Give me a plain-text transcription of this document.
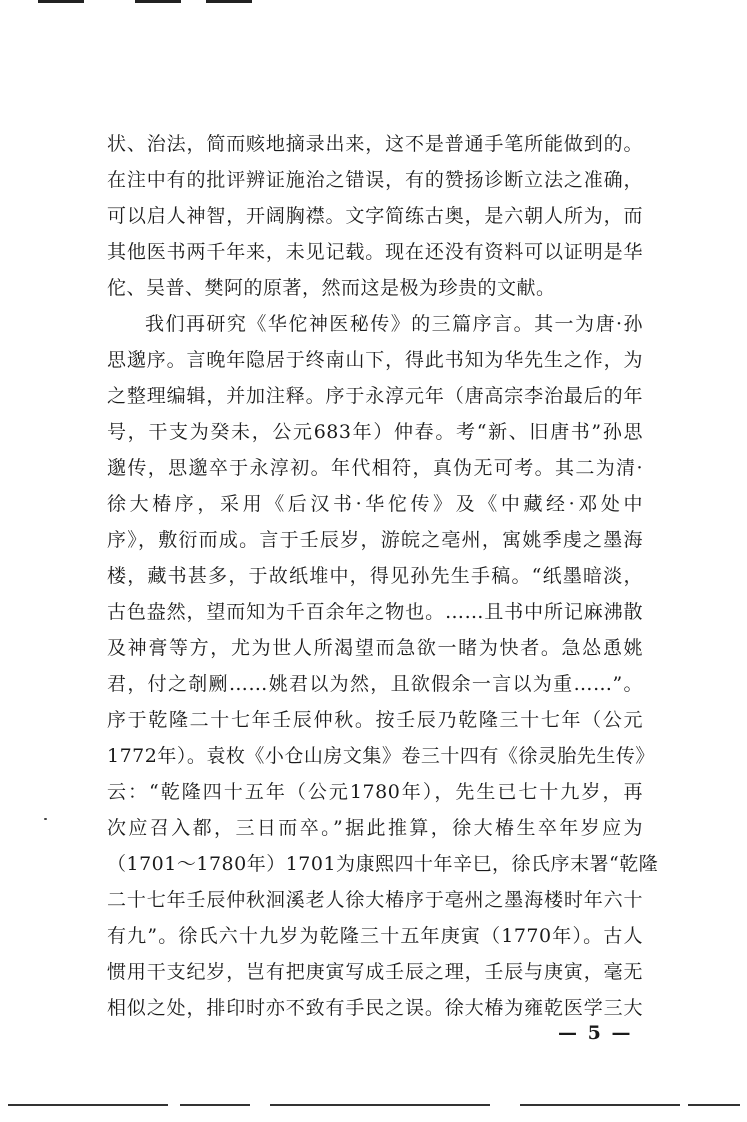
状、治法，简而赅地摘录出来，这不是普通手笔所能做到的。
在注中有的批评辨证施治之错误，有的赞扬诊断立法之准确，
可以启人神智，开阔胸襟。文字简练古奥，是六朝人所为，而
其他医书两千年来，未见记载。现在还没有资料可以证明是华
佗、吴普、樊阿的原著，然而这是极为珍贵的文献。
我们再研究《华佗神医秘传》的三篇序言。其一为唐·孙
思邈序。言晚年隐居于终南山下，得此书知为华先生之作，为
之整理编辑，并加注释。序于永淳元年（唐高宗李治最后的年
号，干支为癸未，公元683年）仲春。考“新、旧唐书”孙思
邈传，思邈卒于永淳初。年代相符，真伪无可考。其二为清·
徐大椿序，采用《后汉书·华佗传》及《中藏经·邓处中
序》，敷衍而成。言于壬辰岁，游皖之亳州，寓姚季虔之墨海
楼，藏书甚多，于故纸堆中，得见孙先生手稿。“纸墨暗淡，
古色盎然，望而知为千百余年之物也。……且书中所记麻沸散
及神膏等方，尤为世人所渴望而急欲一睹为快者。急怂恿姚
君，付之剞劂……姚君以为然，且欲假余一言以为重……”。
序于乾隆二十七年壬辰仲秋。按壬辰乃乾隆三十七年（公元
1772年）。袁枚《小仓山房文集》卷三十四有《徐灵胎先生传》
云：“乾隆四十五年（公元1780年），先生已七十九岁，再
次应召入都，三日而卒。”据此推算，徐大椿生卒年岁应为
（1701～1780年）1701为康熙四十年辛巳，徐氏序末署“乾隆
二十七年壬辰仲秋洄溪老人徐大椿序于亳州之墨海楼时年六十
有九”。徐氏六十九岁为乾隆三十五年庚寅（1770年）。古人
惯用干支纪岁，岂有把庚寅写成壬辰之理，壬辰与庚寅，毫无
相似之处，排印时亦不致有手民之误。徐大椿为雍乾医学三大
— 5 —
